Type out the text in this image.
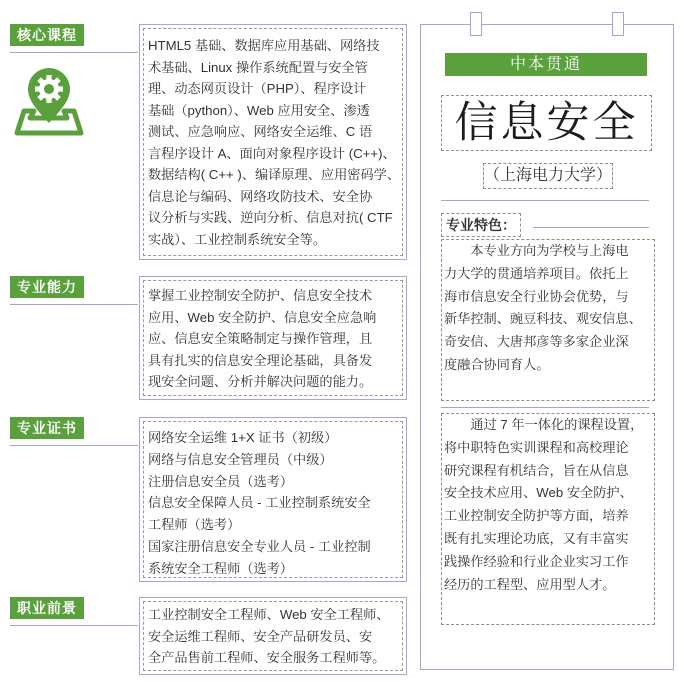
核心课程
HTML5 基础、数据库应用基础、网络技
术基础、Linux 操作系统配置与安全管
理、动态网页设计（PHP）、程序设计
基础（python）、Web 应用安全、渗透
测试、应急响应、网络安全运维、C 语
言程序设计 A、面向对象程序设计 (C++)、
数据结构( C++ )、编译原理、应用密码学、
信息论与编码、网络攻防技术、安全协
议分析与实践、逆向分析、信息对抗( CTF
实战）、工业控制系统安全等。
专业能力
掌握工业控制安全防护、信息安全技术
应用、Web 安全防护、信息安全应急响
应、信息安全策略制定与操作管理，且
具有扎实的信息安全理论基础，具备发
现安全问题、分析并解决问题的能力。
专业证书
网络安全运维 1+X 证书（初级）
网络与信息安全管理员（中级）
注册信息安全员（选考）
信息安全保障人员 - 工业控制系统安全
工程师（选考）
国家注册信息安全专业人员 - 工业控制
系统安全工程师（选考）
职业前景	工业控制安全工程师、Web 安全工程师、
安全运维工程师、安全产品研发员、安
全产品售前工程师、安全服务工程师等。
中本贯通
信息安全
（上海电力大学）
专业特色：
　　本专业方向为学校与上海电
力大学的贯通培养项目。依托上
海市信息安全行业协会优势，与
新华控制、豌豆科技、观安信息、
奇安信、大唐邦彦等多家企业深
度融合协同育人。
　　通过 7 年一体化的课程设置，
将中职特色实训课程和高校理论
研究课程有机结合，旨在从信息
安全技术应用、Web 安全防护、
工业控制安全防护等方面，培养
既有扎实理论功底，又有丰富实
践操作经验和行业企业实习工作
经历的工程型、应用型人才。
